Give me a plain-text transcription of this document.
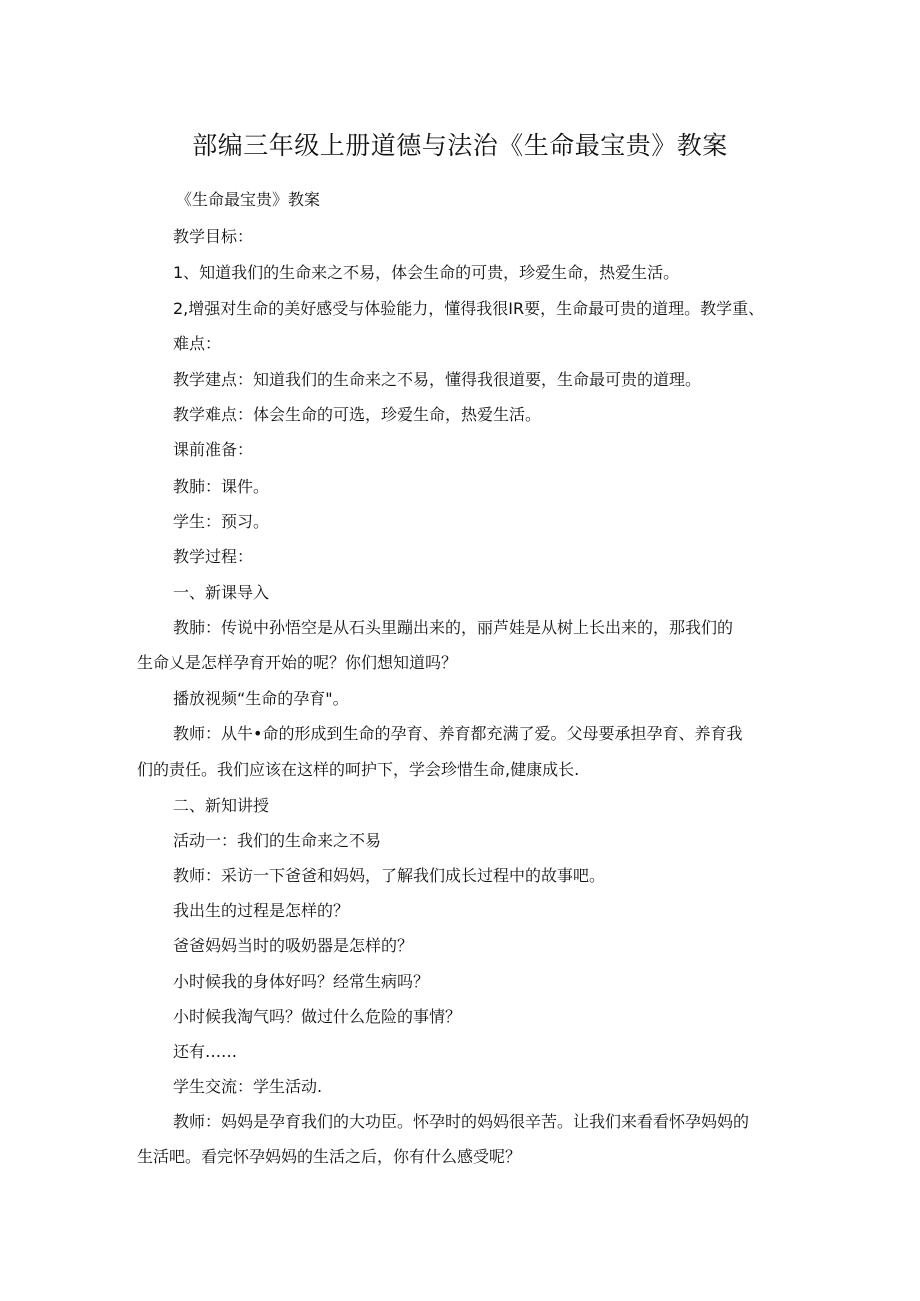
部编三年级上册道德与法治《生命最宝贵》教案
《生命最宝贵》教案
教学目标：
1、知道我们的生命来之不易，体会生命的可贵，珍爱生命，热爱生活。
2,增强对生命的美好感受与体验能力，懂得我很IR要，生命最可贵的道理。教学重、
难点：
教学建点：知道我们的生命来之不易，懂得我很道要，生命最可贵的道理。
教学难点：体会生命的可选，珍爱生命，热爱生活。
课前准备：
教肺：课件。
学生：预习。
教学过程：
一、新课导入
教肺：传说中孙悟空是从石头里蹦出来的，丽芦娃是从树上长出来的，那我们的
生命乂是怎样孕育开始的呢？你们想知道吗？
播放视频“生命的孕育"。
教师：从牛•命的形成到生命的孕育、养育都充满了爱。父母要承担孕育、养育我
们的责任。我们应该在这样的呵护下，学会珍惜生命,健康成长.
二、新知讲授
活动一：我们的生命来之不易
教师：采访一下爸爸和妈妈，了解我们成长过程中的故事吧。
我出生的过程是怎样的？
爸爸妈妈当时的吸奶器是怎样的？
小时候我的身体好吗？经常生病吗？
小时候我淘气吗？做过什么危险的事情？
还有……
学生交流：学生活动.
教师：妈妈是孕育我们的大功臣。怀孕时的妈妈很辛苦。让我们来看看怀孕妈妈的
生活吧。看完怀孕妈妈的生活之后，你有什么感受呢？
